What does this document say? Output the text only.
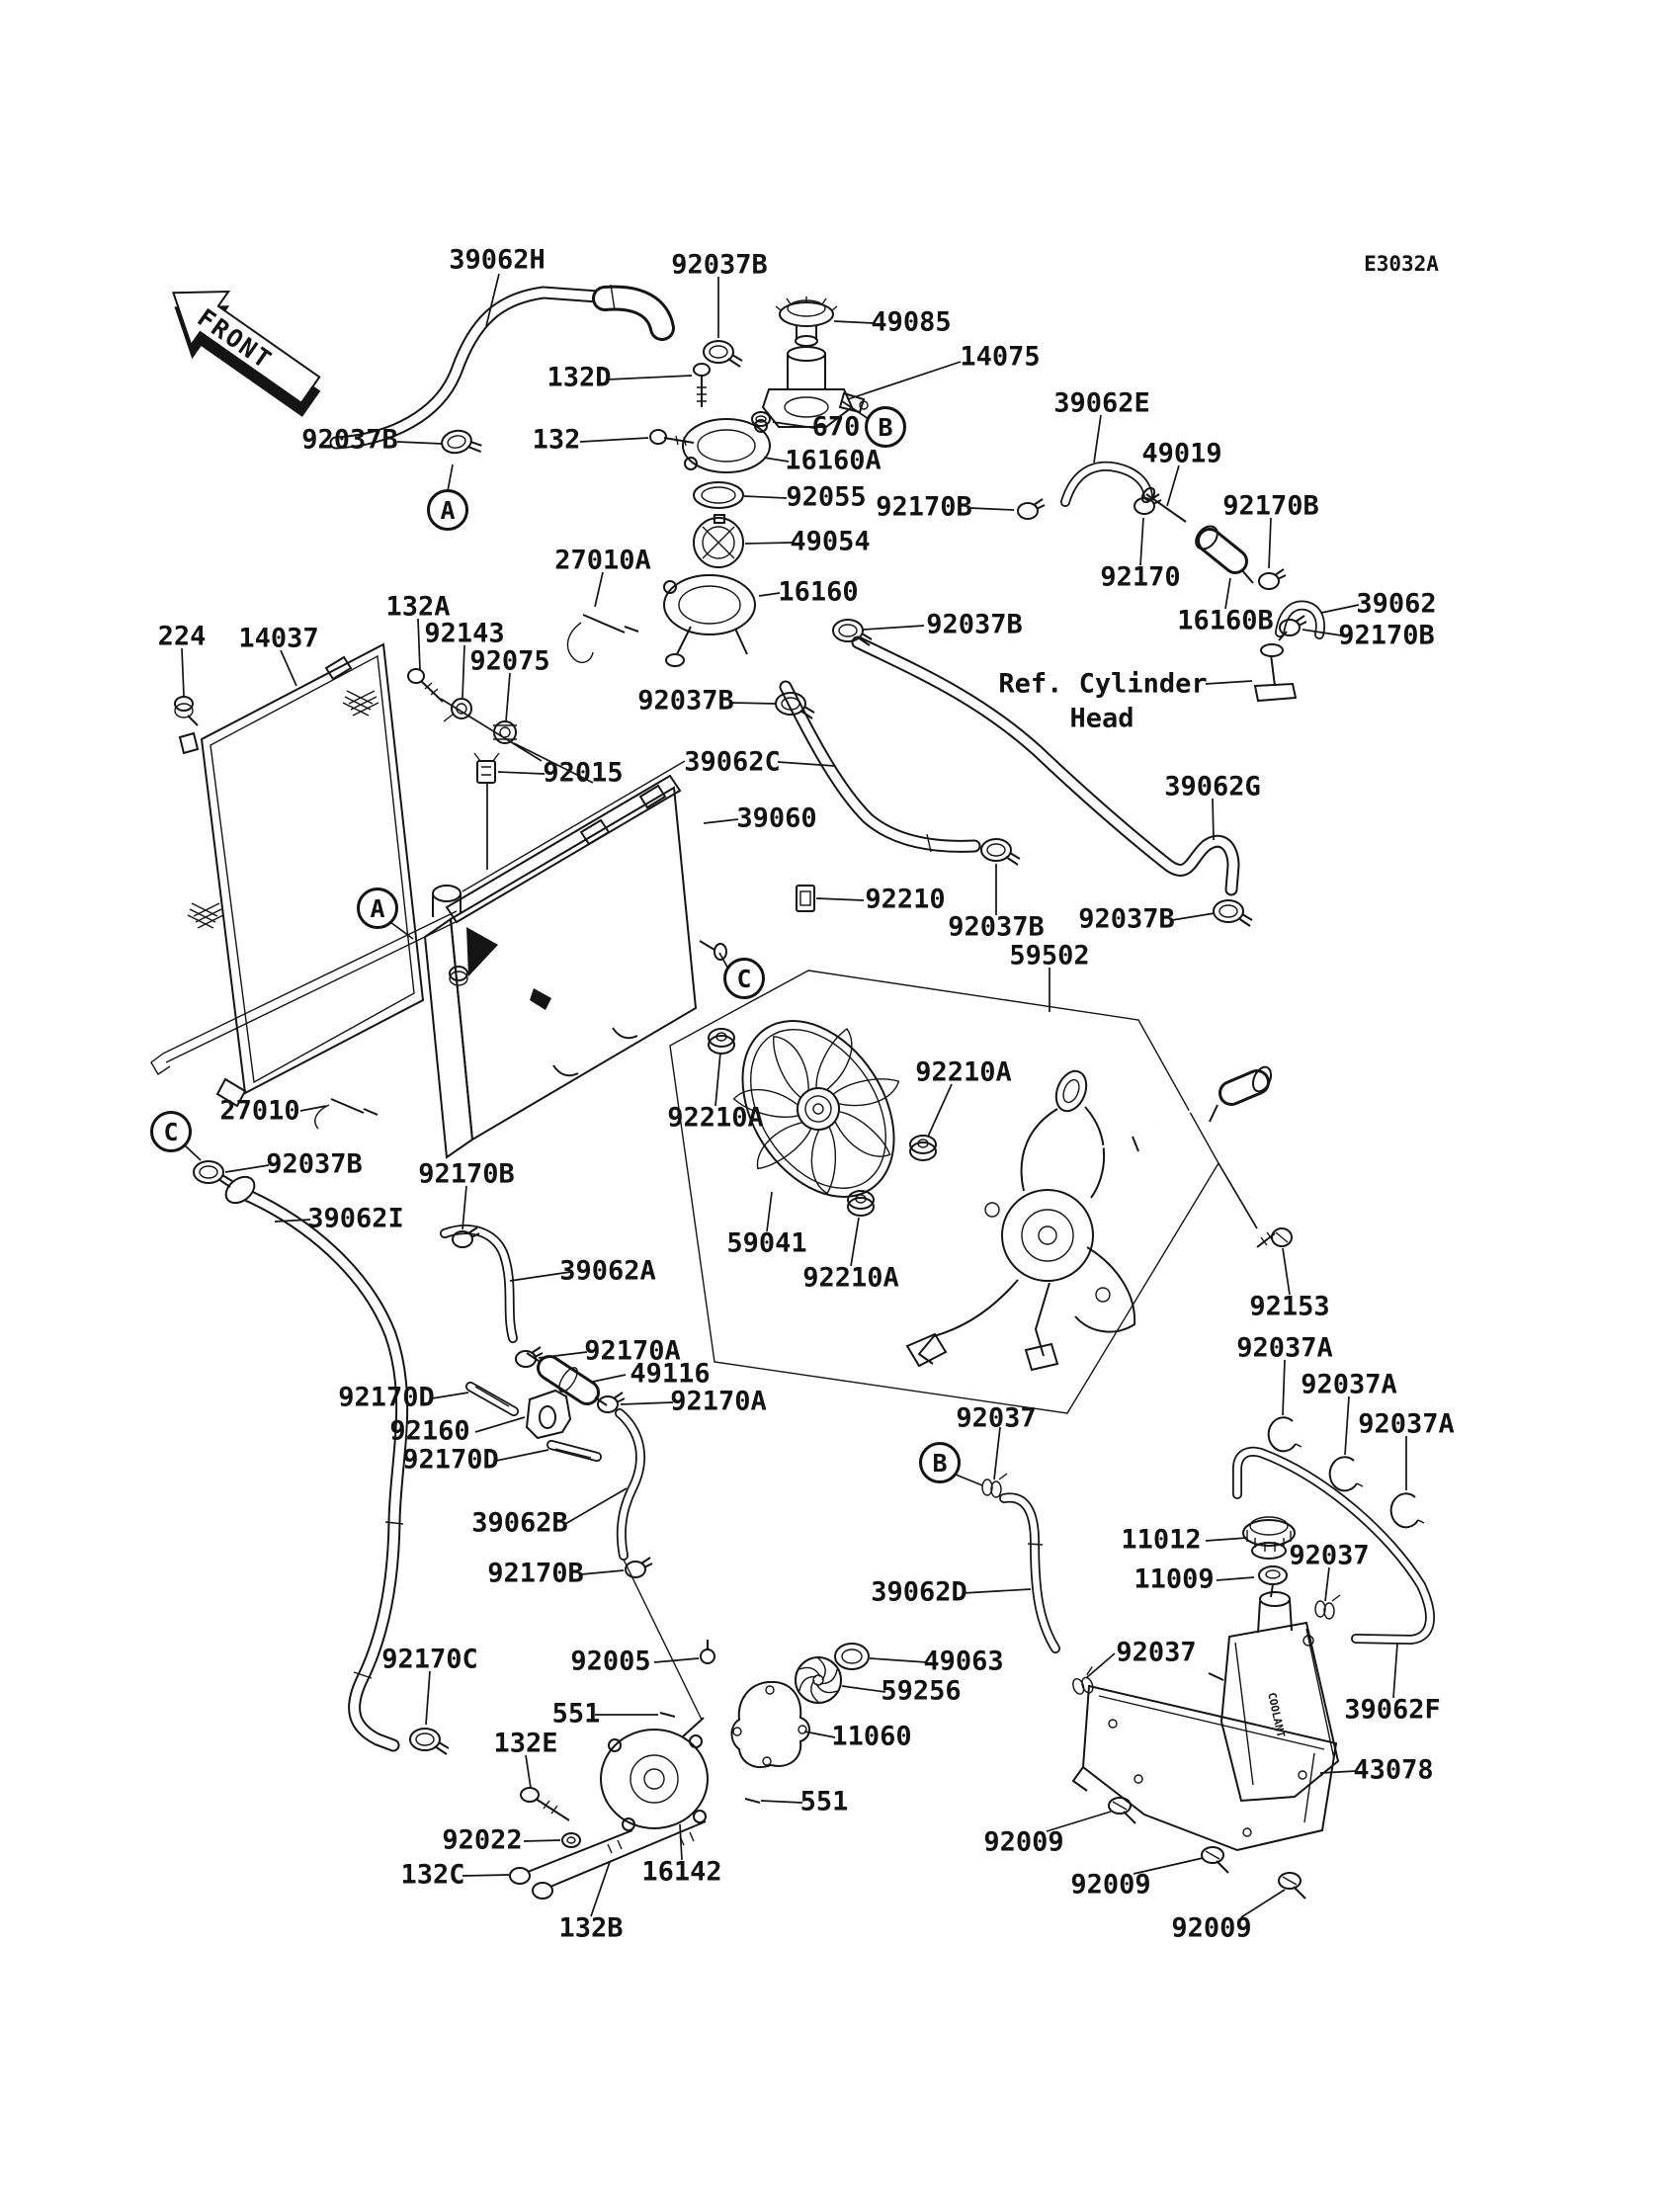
FRONT
COOLANT
39062H
92037B
132D
132
27010A
92037B
49085
14075
670
16160A
92055
49054
16160
92037B
39062E
49019
92170B	92170B
92170
16160B
39062
92170B
Ref. Cylinder
Head
224 14037
132A
92143
92075
92015
39060
92037B
39062C
39062G
92210
92037B 92037B
59502
27010
92037B
39062I
92170B
39062A
92210A
92210A
59041
92210A
92153
92037A
92037A
92037A
92170A
49116
92170A
92170D
92160
92170D
39062B
92170B
92170C	92005
551
132E
92022
132C
132B
16142
11060
551
59256
49063
92037
39062D
11012
11009
92037
92037
39062F
43078
92009
92009
92009
A
B
A
C
C
B
E3032A
